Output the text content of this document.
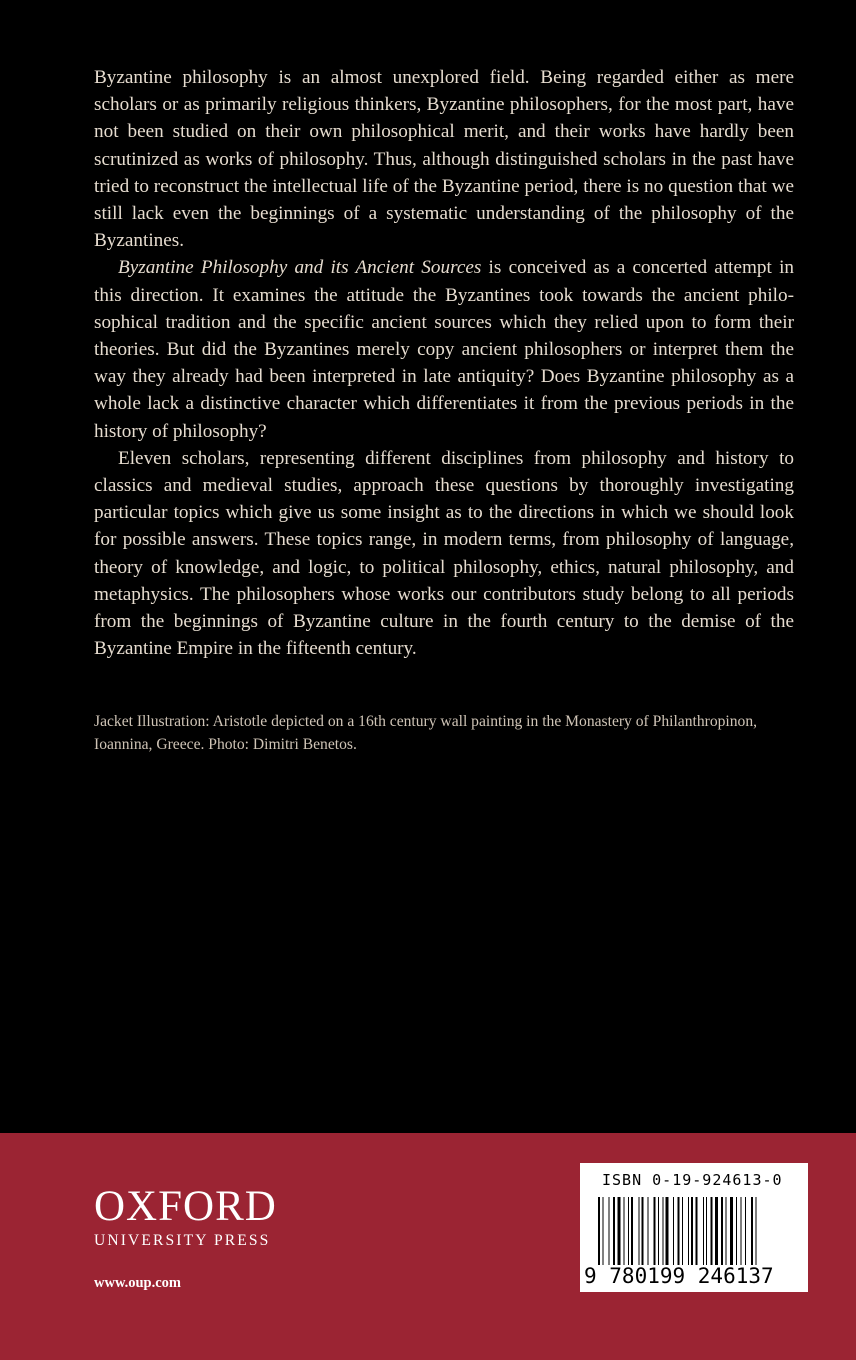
Byzantine philosophy is an almost unexplored field. Being regarded either as mere scholars or as primarily religious thinkers, Byzantine philosophers, for the most part, have not been studied on their own philosophical merit, and their works have hardly been scrutinized as works of philosophy. Thus, although distinguished scholars in the past have tried to reconstruct the intellectual life of the Byzantine period, there is no question that we still lack even the beginnings of a systematic understanding of the philosophy of the Byzantines.

Byzantine Philosophy and its Ancient Sources is conceived as a concerted attempt in this direction. It examines the attitude the Byzantines took towards the ancient philo-sophical tradition and the specific ancient sources which they relied upon to form their theories. But did the Byzantines merely copy ancient philosophers or interpret them the way they already had been interpreted in late antiquity? Does Byzantine philosophy as a whole lack a distinctive character which differentiates it from the previous periods in the history of philosophy?

Eleven scholars, representing different disciplines from philosophy and history to classics and medieval studies, approach these questions by thoroughly investigating particular topics which give us some insight as to the directions in which we should look for possible answers. These topics range, in modern terms, from philosophy of language, theory of knowledge, and logic, to political philosophy, ethics, natural philosophy, and metaphysics. The philosophers whose works our contributors study belong to all periods from the beginnings of Byzantine culture in the fourth century to the demise of the Byzantine Empire in the fifteenth century.

Jacket Illustration: Aristotle depicted on a 16th century wall painting in the Monastery of Philanthropinon, Ioannina, Greece. Photo: Dimitri Benetos.
OXFORD
UNIVERSITY PRESS
www.oup.com
ISBN 0-19-924613-0
9 780199 246137
